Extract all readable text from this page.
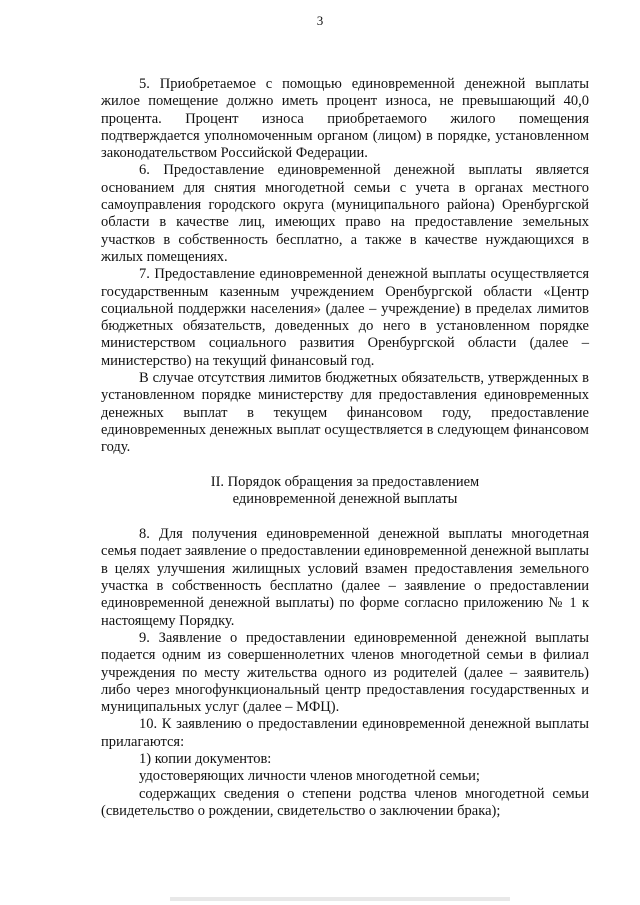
3

5. Приобретаемое с помощью единовременной денежной выплаты жилое помещение должно иметь процент износа, не превышающий 40,0 процента. Процент износа приобретаемого жилого помещения подтверждается уполномоченным органом (лицом) в порядке, установленном законодательством Российской Федерации.

6. Предоставление единовременной денежной выплаты является основанием для снятия многодетной семьи с учета в органах местного самоуправления городского округа (муниципального района) Оренбургской области в качестве лиц, имеющих право на предоставление земельных участков в собственность бесплатно, а также в качестве нуждающихся в жилых помещениях.

7. Предоставление единовременной денежной выплаты осуществляется государственным казенным учреждением Оренбургской области «Центр социальной поддержки населения» (далее – учреждение) в пределах лимитов бюджетных обязательств, доведенных до него в установленном порядке министерством социального развития Оренбургской области (далее – министерство) на текущий финансовый год.

В случае отсутствия лимитов бюджетных обязательств, утвержденных в установленном порядке министерству для предоставления единовременных денежных выплат в текущем финансовом году, предоставление единовременных денежных выплат осуществляется в следующем финансовом году.

II. Порядок обращения за предоставлением
единовременной денежной выплаты

8. Для получения единовременной денежной выплаты многодетная семья подает заявление о предоставлении единовременной денежной выплаты в целях улучшения жилищных условий взамен предоставления земельного участка в собственность бесплатно (далее – заявление о предоставлении единовременной денежной выплаты) по форме согласно приложению № 1 к настоящему Порядку.

9. Заявление о предоставлении единовременной денежной выплаты подается одним из совершеннолетних членов многодетной семьи в филиал учреждения по месту жительства одного из родителей (далее – заявитель) либо через многофункциональный центр предоставления государственных и муниципальных услуг (далее – МФЦ).

10. К заявлению о предоставлении единовременной денежной выплаты прилагаются:

1) копии документов:

удостоверяющих личности членов многодетной семьи;

содержащих сведения о степени родства членов многодетной семьи (свидетельство о рождении, свидетельство о заключении брака);
